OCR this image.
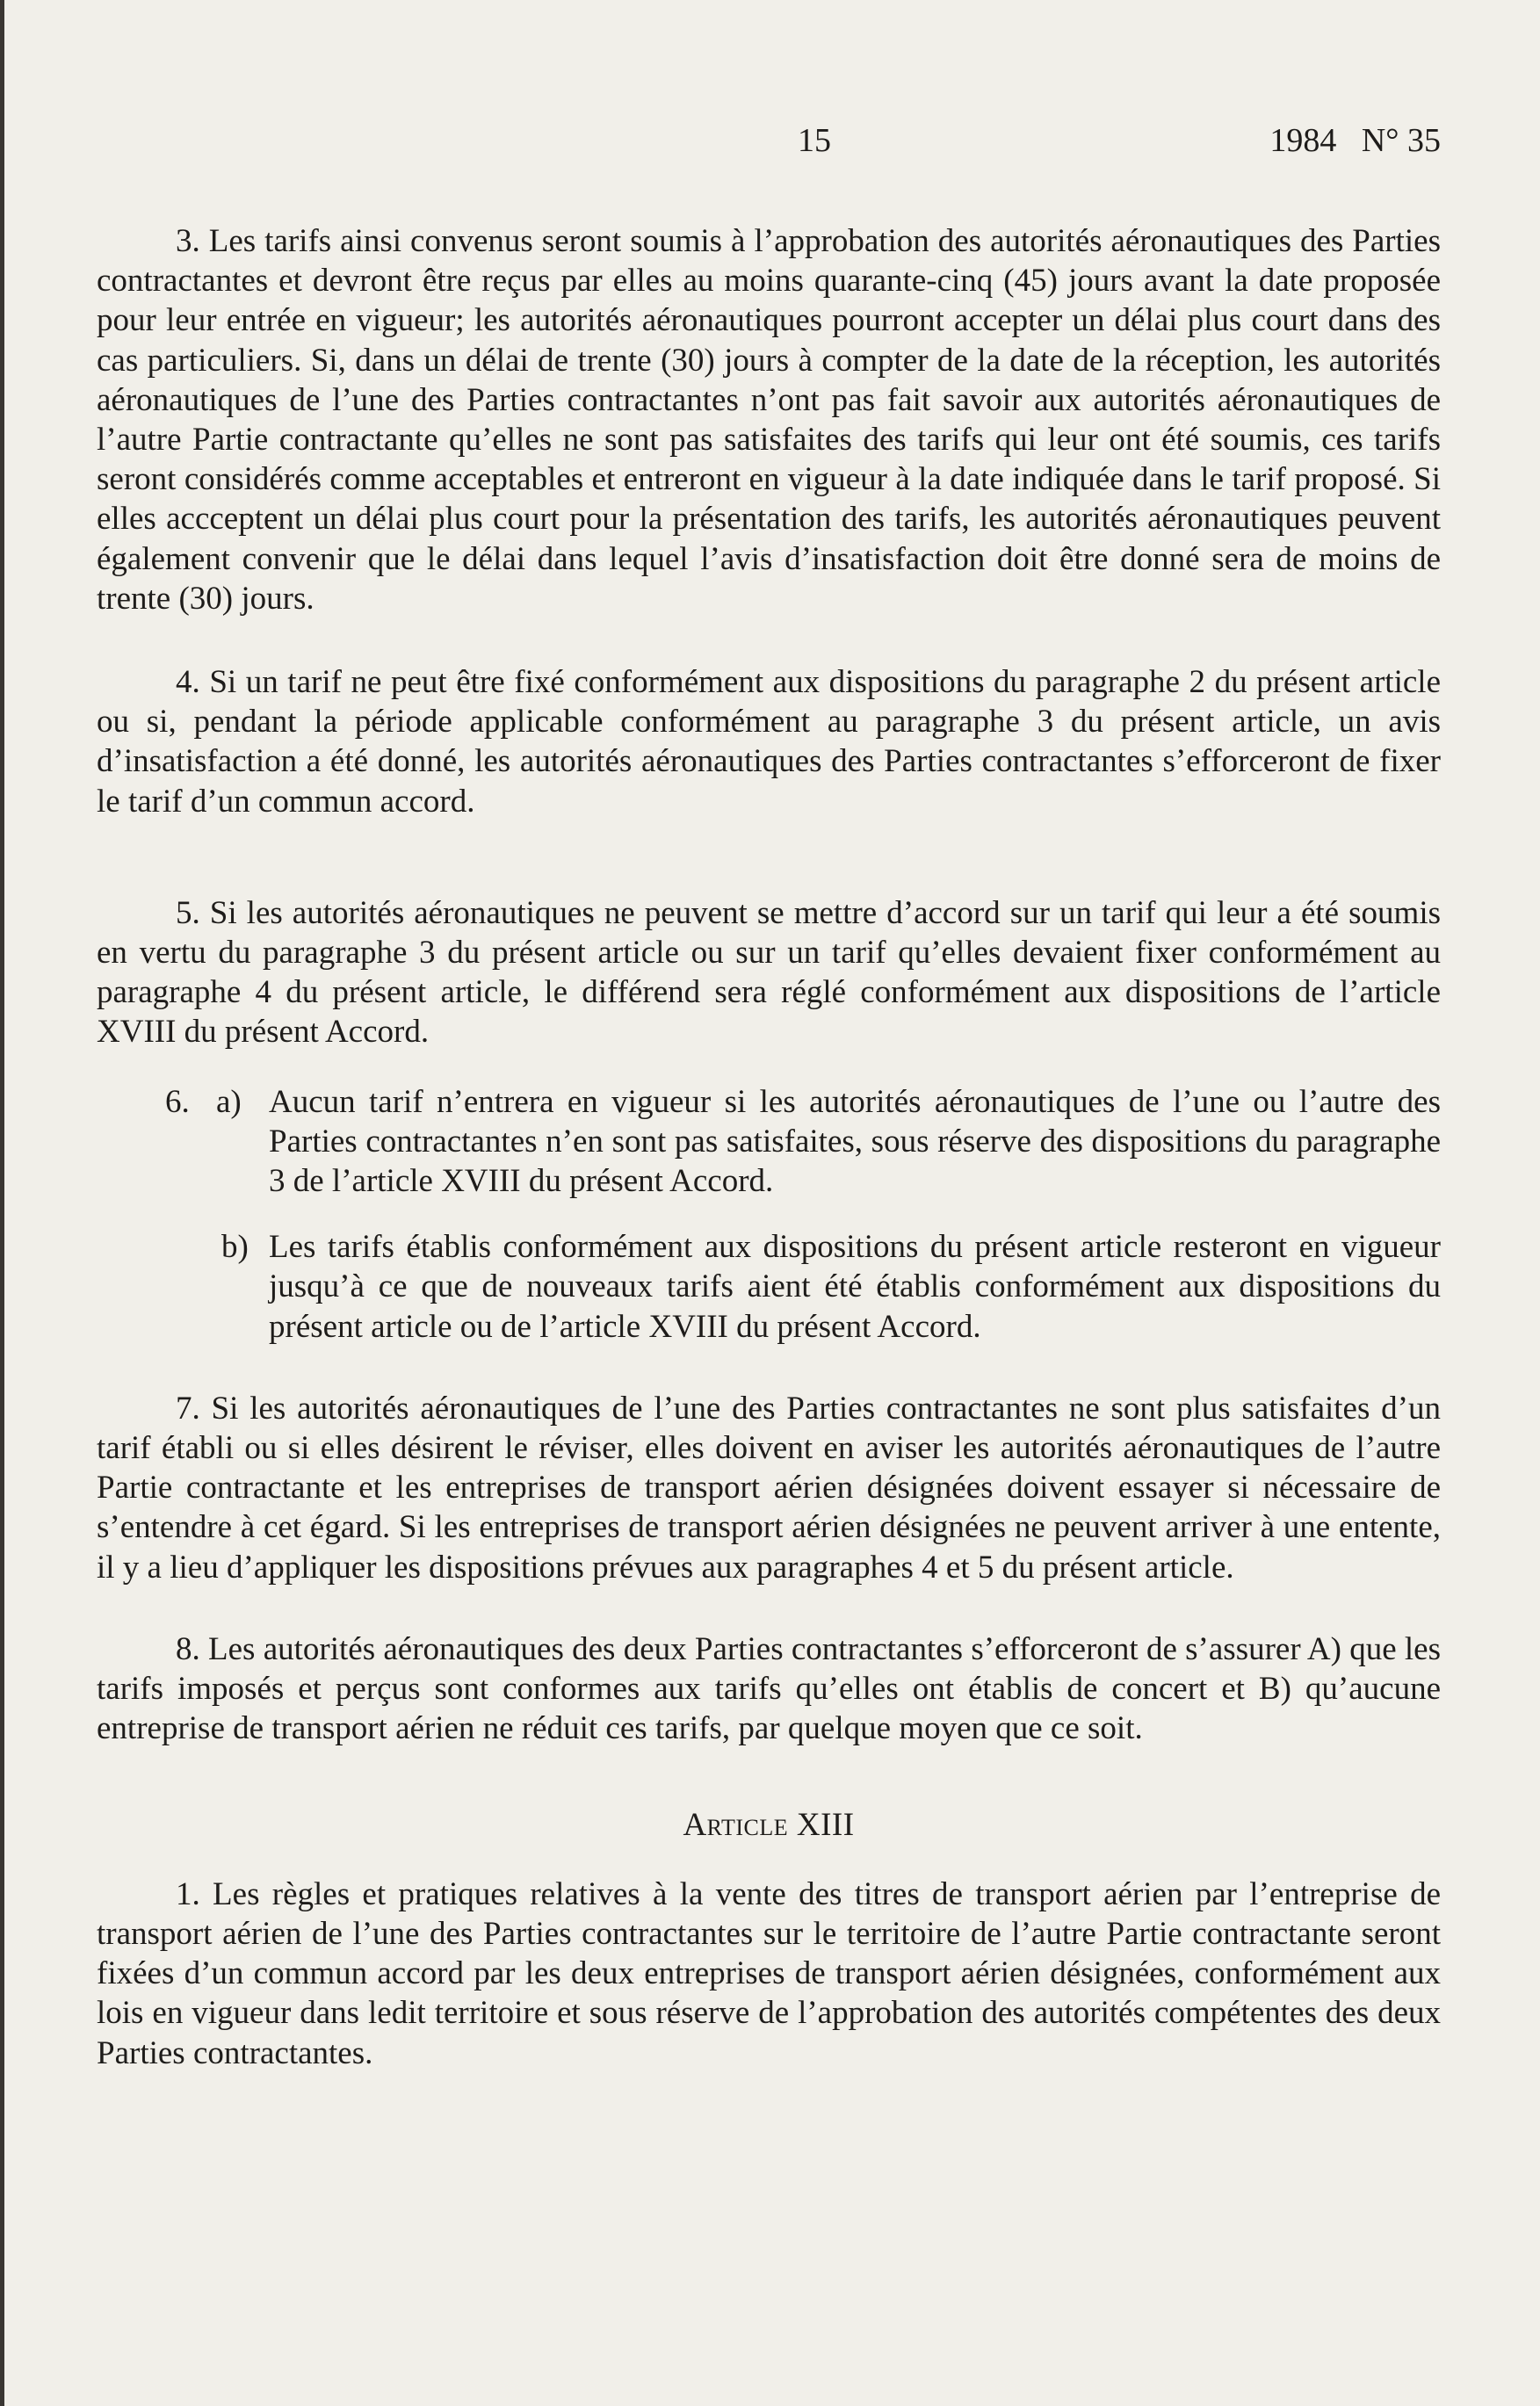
15	1984 N° 35

3. Les tarifs ainsi convenus seront soumis à l’approbation des autorités aéronautiques des Parties contractantes et devront être reçus par elles au moins quarante-cinq (45) jours avant la date proposée pour leur entrée en vigueur; les autorités aéronautiques pourront accepter un délai plus court dans des cas particuliers. Si, dans un délai de trente (30) jours à compter de la date de la réception, les autorités aéronautiques de l’une des Parties contractantes n’ont pas fait savoir aux autorités aéronautiques de l’autre Partie contractante qu’elles ne sont pas satisfaites des tarifs qui leur ont été soumis, ces tarifs seront considérés comme acceptables et entreront en vigueur à la date indiquée dans le tarif proposé. Si elles accceptent un délai plus court pour la présentation des tarifs, les autorités aéronautiques peuvent également convenir que le délai dans lequel l’avis d’insatisfaction doit être donné sera de moins de trente (30) jours.

4. Si un tarif ne peut être fixé conformément aux dispositions du paragraphe 2 du présent article ou si, pendant la période applicable conformément au paragraphe 3 du présent article, un avis d’insatisfaction a été donné, les autorités aéronautiques des Parties contractantes s’efforceront de fixer le tarif d’un commun accord.

5. Si les autorités aéronautiques ne peuvent se mettre d’accord sur un tarif qui leur a été soumis en vertu du paragraphe 3 du présent article ou sur un tarif qu’elles devaient fixer conformément au paragraphe 4 du présent article, le différend sera réglé conformément aux dispositions de l’article XVIII du présent Accord.

6. a) Aucun tarif n’entrera en vigueur si les autorités aéronautiques de l’une ou l’autre des Parties contractantes n’en sont pas satisfaites, sous réserve des dispositions du paragraphe 3 de l’article XVIII du présent Accord.

b) Les tarifs établis conformément aux dispositions du présent article resteront en vigueur jusqu’à ce que de nouveaux tarifs aient été établis conformément aux dispositions du présent article ou de l’article XVIII du présent Accord.

7. Si les autorités aéronautiques de l’une des Parties contractantes ne sont plus satisfaites d’un tarif établi ou si elles désirent le réviser, elles doivent en aviser les autorités aéronautiques de l’autre Partie contractante et les entreprises de transport aérien désignées doivent essayer si nécessaire de s’entendre à cet égard. Si les entreprises de transport aérien désignées ne peuvent arriver à une entente, il y a lieu d’appliquer les dispositions prévues aux paragraphes 4 et 5 du présent article.

8. Les autorités aéronautiques des deux Parties contractantes s’efforceront de s’assurer A) que les tarifs imposés et perçus sont conformes aux tarifs qu’elles ont établis de concert et B) qu’aucune entreprise de transport aérien ne réduit ces tarifs, par quelque moyen que ce soit.

Article XIII

1. Les règles et pratiques relatives à la vente des titres de transport aérien par l’entreprise de transport aérien de l’une des Parties contractantes sur le territoire de l’autre Partie contractante seront fixées d’un commun accord par les deux entreprises de transport aérien désignées, conformément aux lois en vigueur dans ledit territoire et sous réserve de l’approbation des autorités compétentes des deux Parties contractantes.
